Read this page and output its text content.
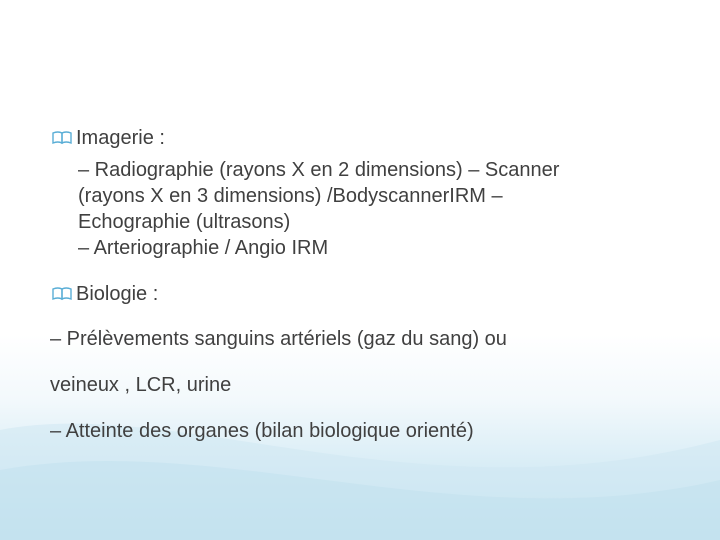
Imagerie :
– Radiographie (rayons X en 2 dimensions) – Scanner
(rayons X en 3 dimensions) /BodyscannerIRM –
Echographie (ultrasons)
– Arteriographie / Angio IRM
Biologie :
– Prélèvements sanguins artériels (gaz du sang) ou
veineux , LCR, urine
– Atteinte des organes (bilan biologique orienté)
